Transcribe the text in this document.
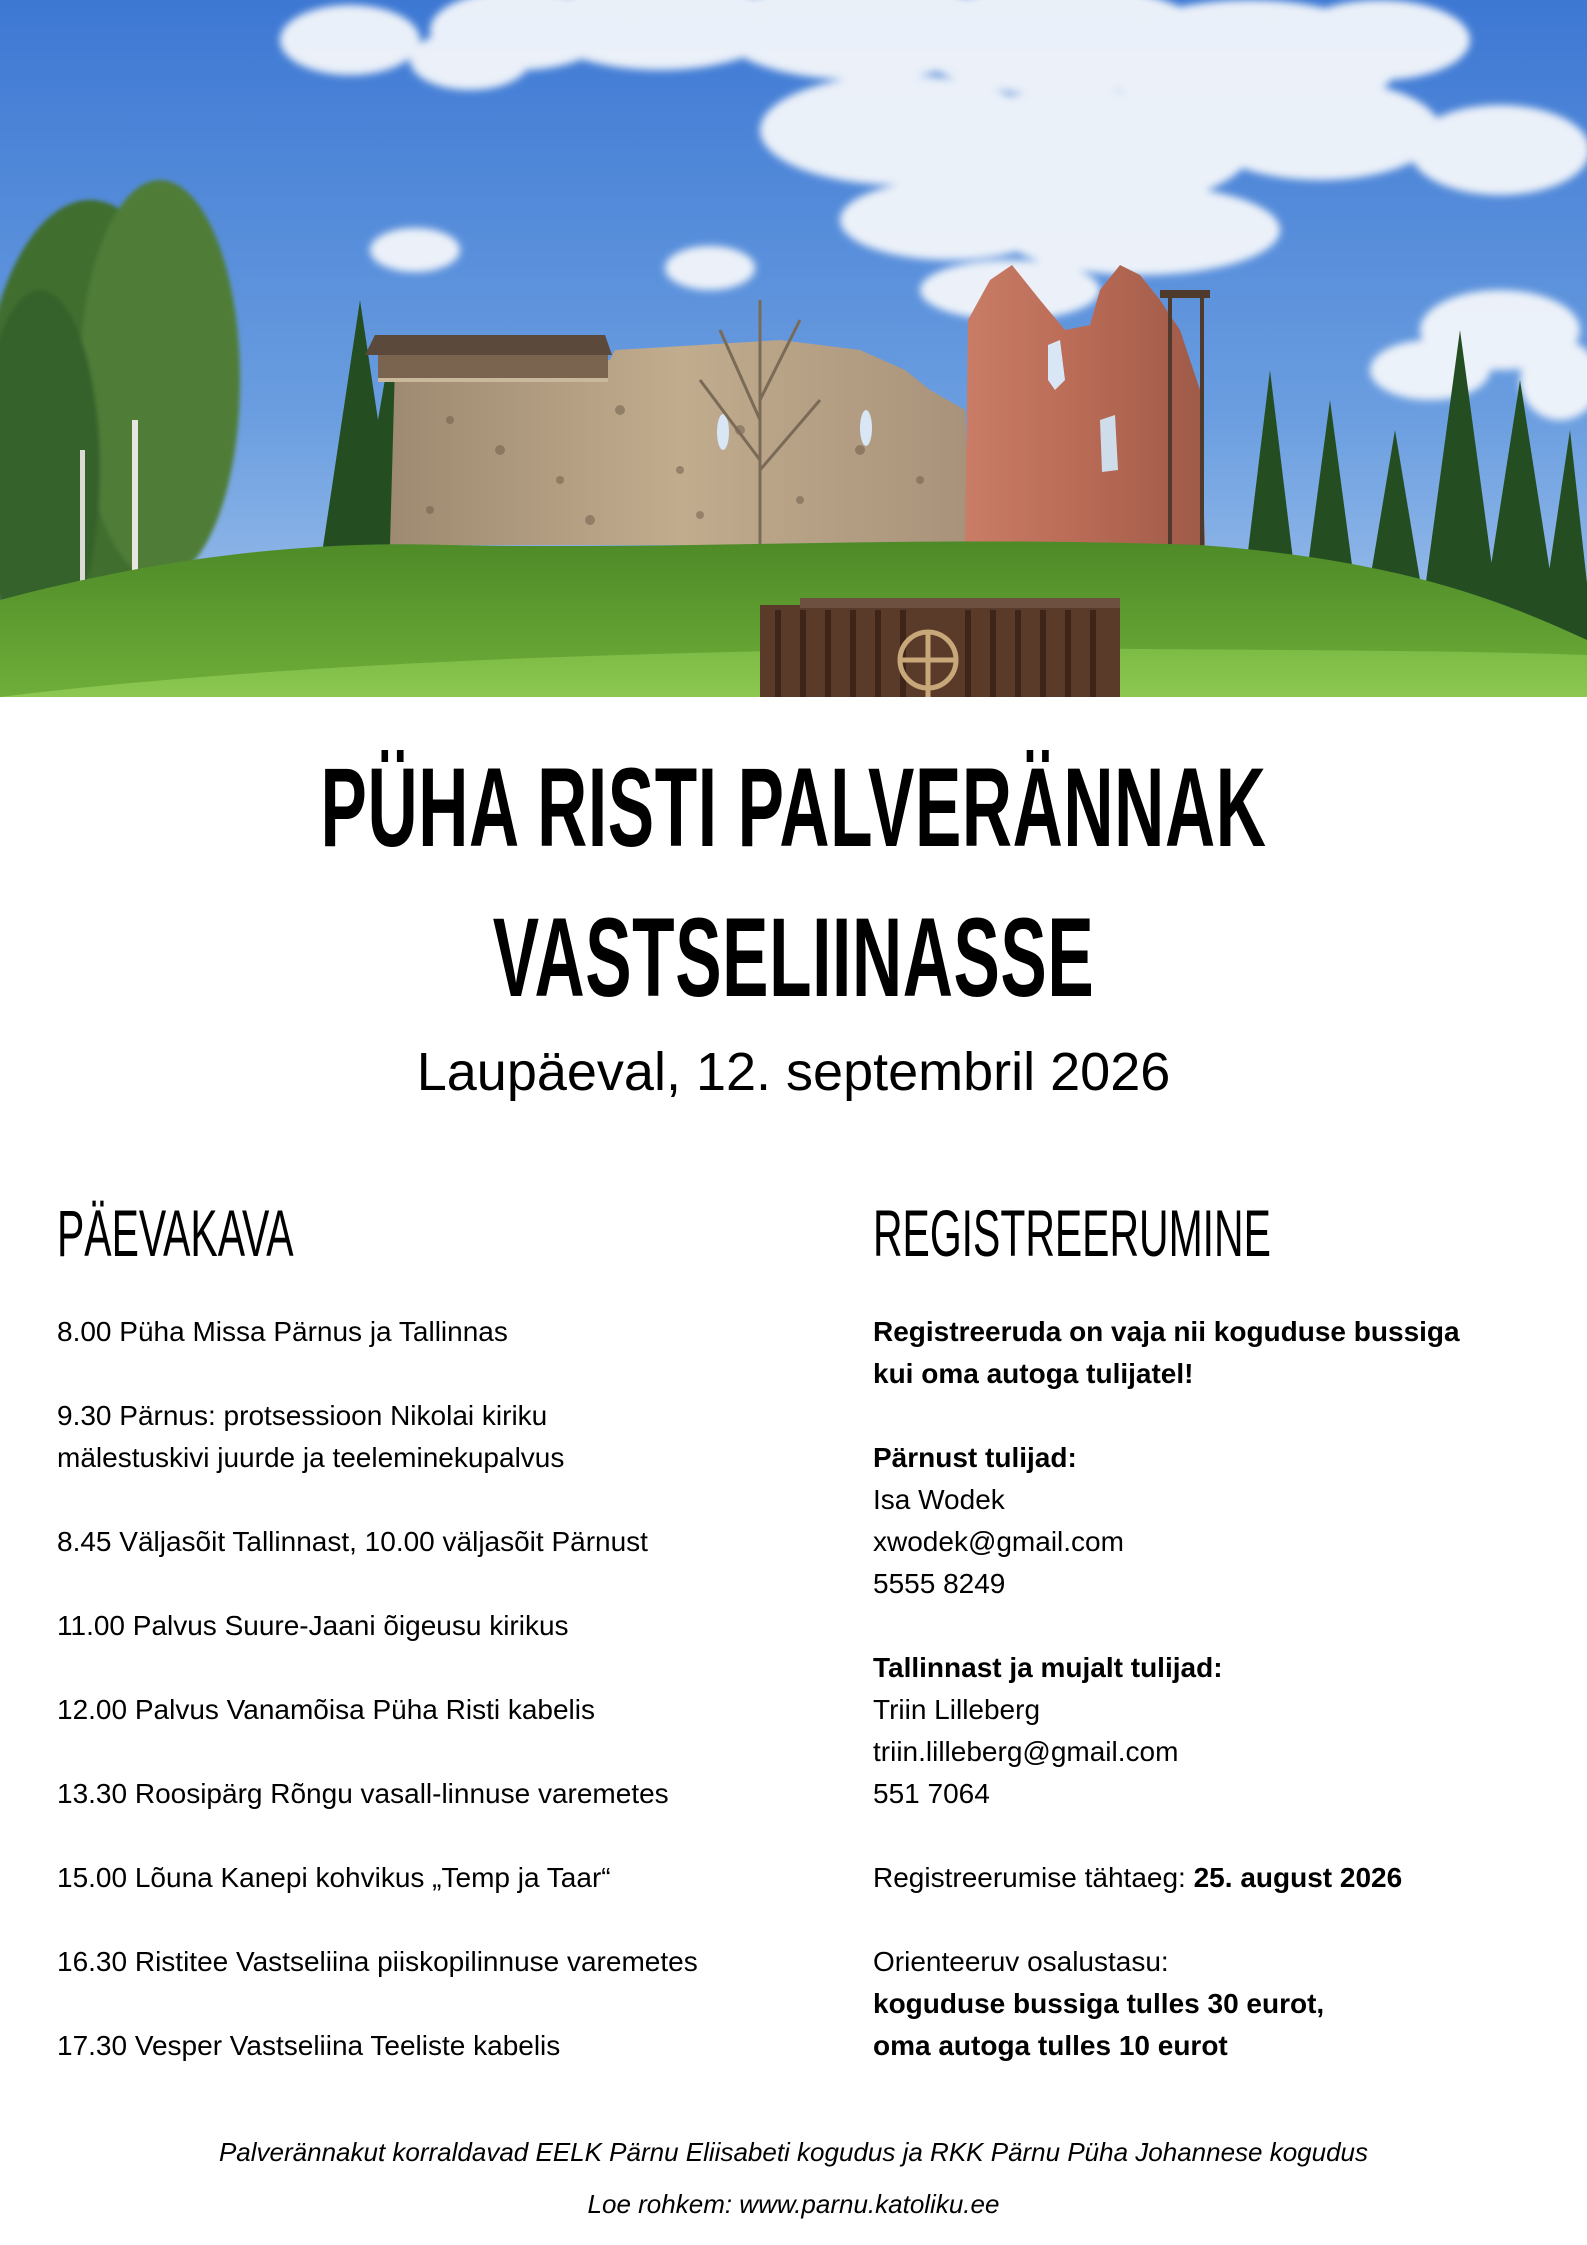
PÜHA RISTI PALVERÄNNAK
VASTSELIINASSE
Laupäeval, 12. septembril 2026
PÄEVAKAVA
8.00 Püha Missa Pärnus ja Tallinnas
9.30 Pärnus: protsessioon Nikolai kiriku mälestuskivi juurde ja teeleminekupalvus
8.45 Väljasõit Tallinnast, 10.00 väljasõit Pärnust
11.00 Palvus Suure-Jaani õigeusu kirikus
12.00 Palvus Vanamõisa Püha Risti kabelis
13.30 Roosipärg Rõngu vasall-linnuse varemetes
15.00 Lõuna Kanepi kohvikus „Temp ja Taar“
16.30 Ristitee Vastseliina piiskopilinnuse varemetes
17.30 Vesper Vastseliina Teeliste kabelis
REGISTREERUMINE

Registreeruda on vaja nii koguduse bussiga

kui oma autoga tulijatel!

Pärnust tulijad:

Isa Wodek

xwodek@gmail.com

5555 8249

Tallinnast ja mujalt tulijad:

Triin Lilleberg

triin.lilleberg@gmail.com

551 7064

Registreerumise tähtaeg: 25. august 2026

Orienteeruv osalustasu:

koguduse bussiga tulles 30 eurot,

oma autoga tulles 10 eurot

Palverännakut korraldavad EELK Pärnu Eliisabeti kogudus ja RKK Pärnu Püha Johannese kogudus
Loe rohkem: www.parnu.katoliku.ee
